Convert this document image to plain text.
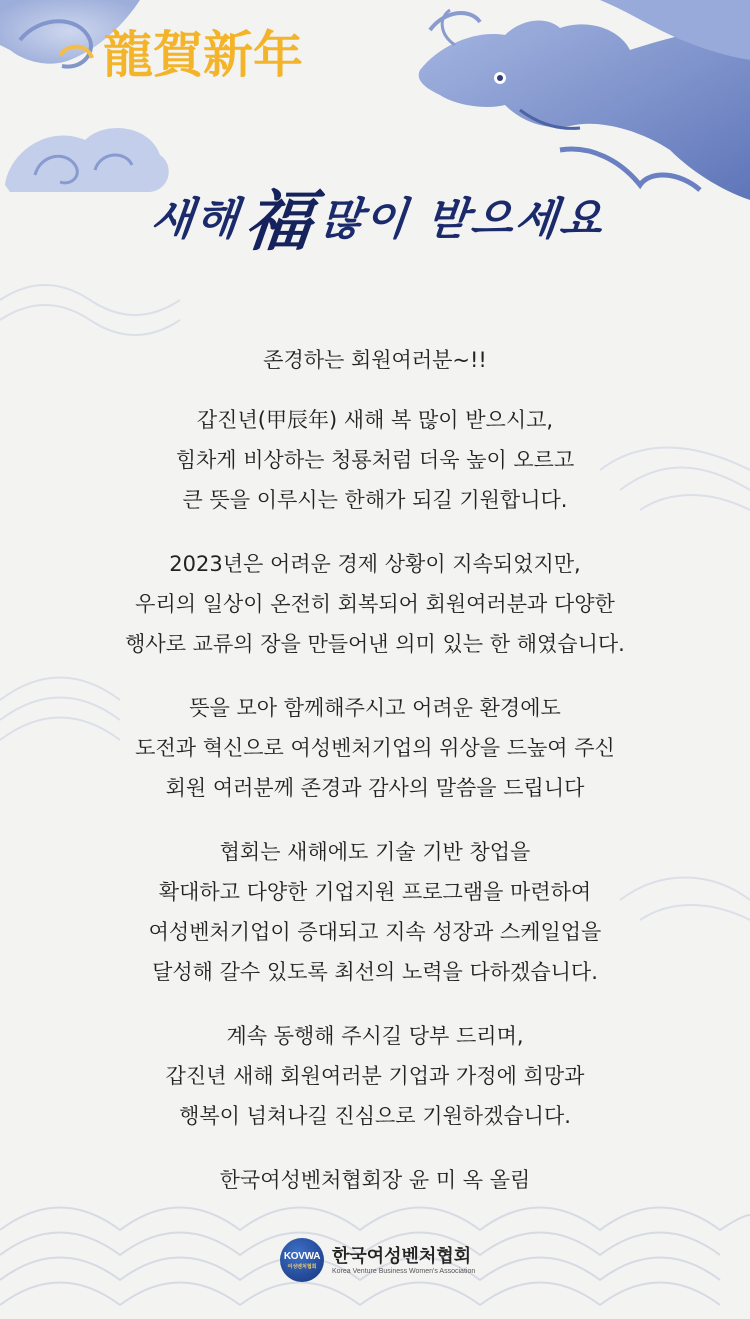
龍賀新年
새해 福 많이 받으세요

존경하는 회원여러분~!!

갑진년(甲辰年) 새해 복 많이 받으시고,

힘차게 비상하는 청룡처럼 더욱 높이 오르고

큰 뜻을 이루시는 한해가 되길 기원합니다.

2023년은 어려운 경제 상황이 지속되었지만,

우리의 일상이 온전히 회복되어 회원여러분과 다양한

행사로 교류의 장을 만들어낸 의미 있는 한 해였습니다.

뜻을 모아 함께해주시고 어려운 환경에도

도전과 혁신으로 여성벤처기업의 위상을 드높여 주신

회원 여러분께 존경과 감사의 말씀을 드립니다

협회는 새해에도 기술 기반 창업을

확대하고 다양한 기업지원 프로그램을 마련하여

여성벤처기업이 증대되고 지속 성장과 스케일업을

달성해 갈수 있도록 최선의 노력을 다하겠습니다.

계속 동행해 주시길 당부 드리며,

갑진년 새해 회원여러분 기업과 가정에 희망과

행복이 넘쳐나길 진심으로 기원하겠습니다.

한국여성벤처협회장 윤 미 옥 올림

KOVWA
여성벤처협회 한국여성벤처협회
Korea Venture Business Women's Association
